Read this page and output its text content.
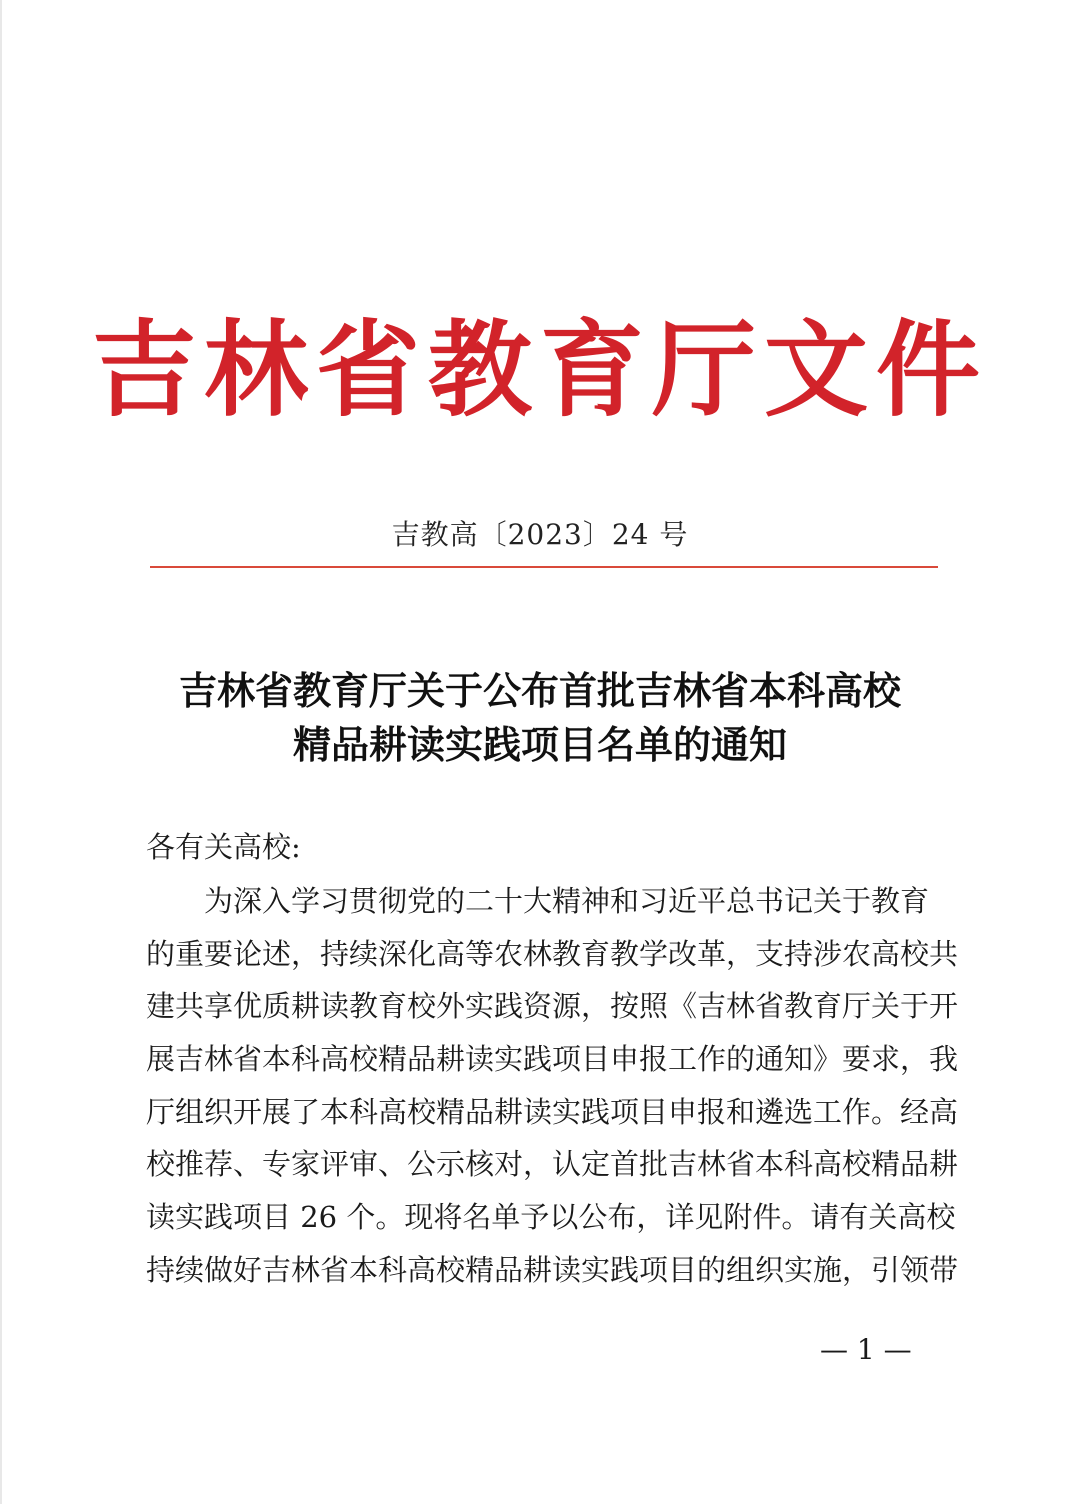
吉林省教育厅文件
吉教高〔2023〕24 号
吉林省教育厅关于公布首批吉林省本科高校
精品耕读实践项目名单的通知
各有关高校:
　　为深入学习贯彻党的二十大精神和习近平总书记关于教育
的重要论述，持续深化高等农林教育教学改革，支持涉农高校共
建共享优质耕读教育校外实践资源，按照《吉林省教育厅关于开
展吉林省本科高校精品耕读实践项目申报工作的通知》要求，我
厅组织开展了本科高校精品耕读实践项目申报和遴选工作。经高
校推荐、专家评审、公示核对，认定首批吉林省本科高校精品耕
读实践项目 26 个。现将名单予以公布，详见附件。请有关高校
持续做好吉林省本科高校精品耕读实践项目的组织实施，引领带
— 1 —
